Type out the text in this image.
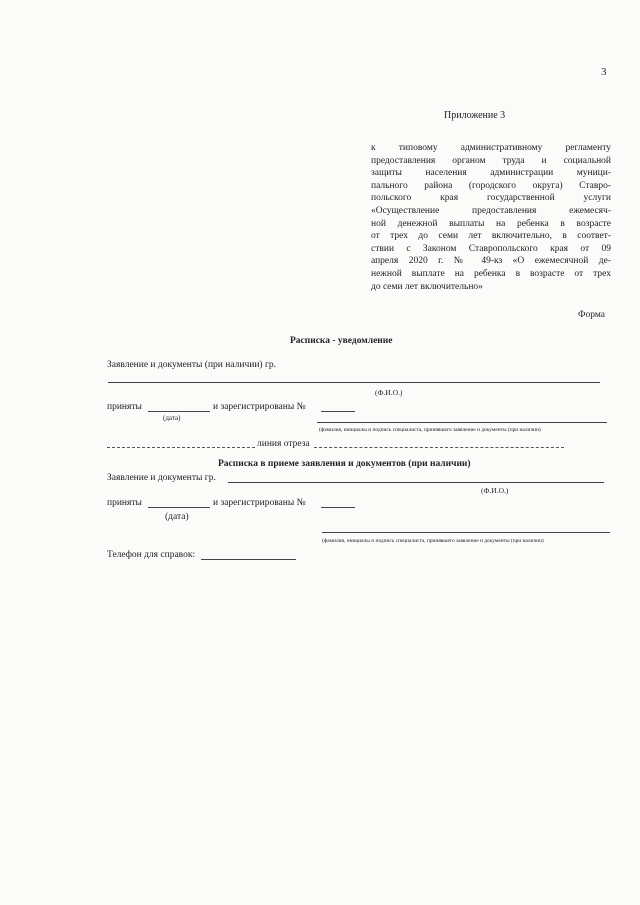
3
Приложение 3
к типовому административному регламенту
предоставления органом труда и социальной
защиты населения администрации муници-
пального района (городского округа) Ставро-
польского края государственной услуги
«Осуществление предоставления ежемесяч-
ной денежной выплаты на ребенка в возрасте
от трех до семи лет включительно, в соответ-
ствии с Законом Ставропольского края от 09
апреля 2020 г. № 49-кз «О ежемесячной де-
нежной выплате на ребенка в возрасте от трех
до семи лет включительно»
Форма
Расписка - уведомление
Заявление и документы (при наличии) гр.
(Ф.И.О.)
приняты	и зарегистрированы №
(дата)
(фамилия, инициалы и подпись специалиста, принявшего заявление и документы (при наличии)
линия отреза
Расписка в приеме заявления и документов (при наличии)
Заявление и документы гр.
(Ф.И.О.)
приняты	и зарегистрированы №
(дата)
(фамилия, инициалы и подпись специалиста, принявшего заявление и документы (при наличии)
Телефон для справок:
